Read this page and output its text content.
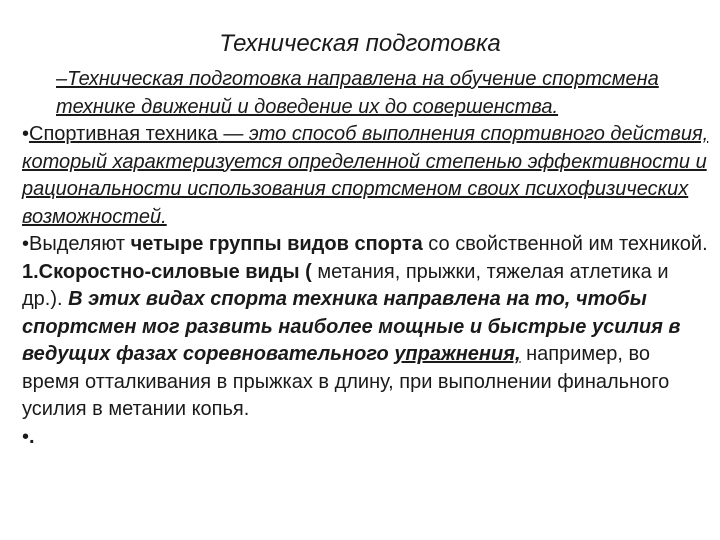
Техническая подготовка

–Техническая подготовка направлена на обучение спортсмена технике движений и доведение их до совершенства.

•Спортивная техника — это способ выполнения спортивного действия, который характеризуется определенной степенью эффективности и рациональности использования спортсменом своих психофизических возможностей.

•Выделяют четыре группы видов спорта со свойственной им техникой.

1.Скоростно-силовые виды ( метания, прыжки, тяжелая атлетика и др.). В этих видах спорта техника направлена на то, чтобы спортсмен мог развить наиболее мощные и быстрые усилия в ведущих фазах соревновательного упражнения, например, во время отталкивания в прыжках в длину, при выполнении финального усилия в метании копья.

•.
